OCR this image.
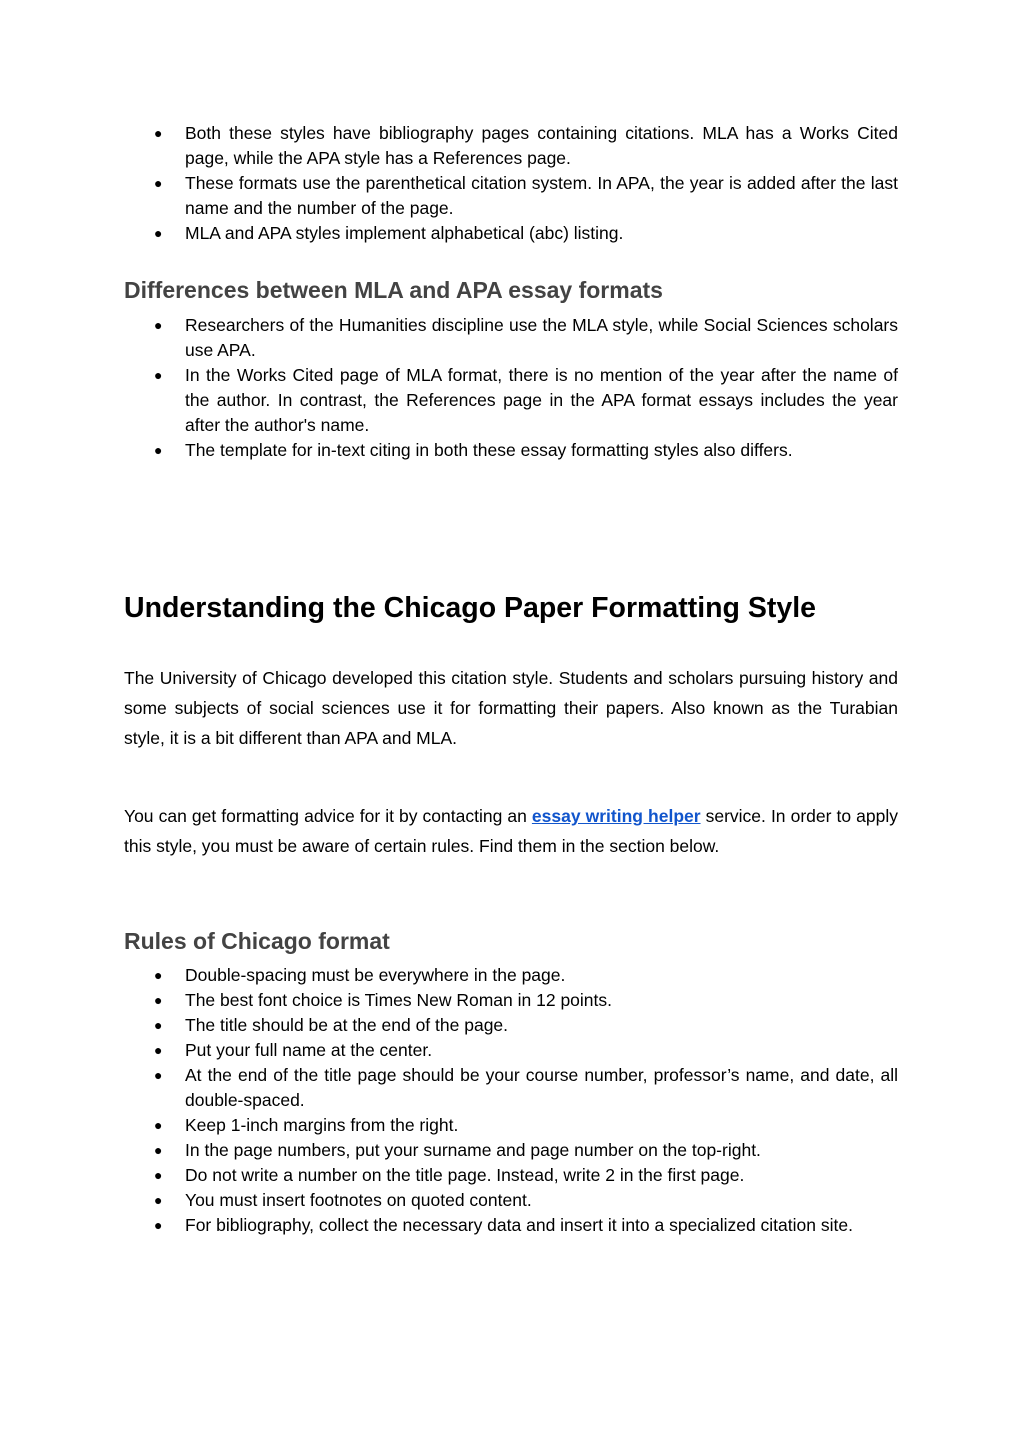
● Both these styles have bibliography pages containing citations. MLA has a Works Cited page, while the APA style has a References page.
● These formats use the parenthetical citation system. In APA, the year is added after the last name and the number of the page.
● MLA and APA styles implement alphabetical (abc) listing.
Differences between MLA and APA essay formats
● Researchers of the Humanities discipline use the MLA style, while Social Sciences scholars use APA.
● In the Works Cited page of MLA format, there is no mention of the year after the name of the author. In contrast, the References page in the APA format essays includes the year after the author's name.
● The template for in-text citing in both these essay formatting styles also differs.
Understanding the Chicago Paper Formatting Style

The University of Chicago developed this citation style. Students and scholars pursuing history and some subjects of social sciences use it for formatting their papers. Also known as the Turabian style, it is a bit different than APA and MLA.

You can get formatting advice for it by contacting an essay writing helper service. In order to apply this style, you must be aware of certain rules. Find them in the section below.

Rules of Chicago format
● Double-spacing must be everywhere in the page.
● The best font choice is Times New Roman in 12 points.
● The title should be at the end of the page.
● Put your full name at the center.
● At the end of the title page should be your course number, professor’s name, and date, all double-spaced.
● Keep 1-inch margins from the right.
● In the page numbers, put your surname and page number on the top-right.
● Do not write a number on the title page. Instead, write 2 in the first page.
● You must insert footnotes on quoted content.
● For bibliography, collect the necessary data and insert it into a specialized citation site.
